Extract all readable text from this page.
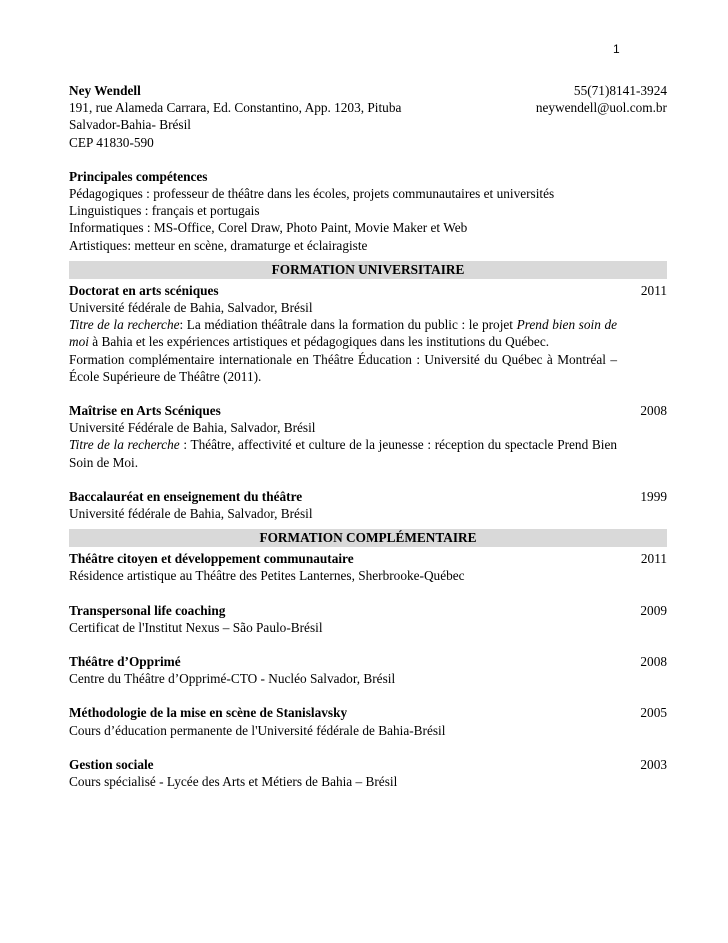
1
Ney Wendell	55(71)8141-3924
191, rue Alameda Carrara, Ed. Constantino, App. 1203, Pituba	neywendell@uol.com.br
Salvador-Bahia- Brésil
CEP 41830-590
Principales compétences
Pédagogiques : professeur de théâtre dans les écoles, projets communautaires et universités
Linguistiques : français et portugais
Informatiques : MS-Office, Corel Draw, Photo Paint, Movie Maker et Web
Artistiques: metteur en scène, dramaturge et éclairagiste
FORMATION UNIVERSITAIRE
2011
Doctorat en arts scéniques
Université fédérale de Bahia, Salvador, Brésil
Titre de la recherche: La médiation théâtrale dans la formation du public : le projet Prend bien soin de moi à Bahia et les expériences artistiques et pédagogiques dans les institutions du Québec.
Formation complémentaire internationale en Théâtre Éducation : Université du Québec à Montréal – École Supérieure de Théâtre (2011).
2008
Maîtrise en Arts Scéniques
Université Fédérale de Bahia, Salvador, Brésil
Titre de la recherche : Théâtre, affectivité et culture de la jeunesse : réception du spectacle Prend Bien Soin de Moi.
1999
Baccalauréat en enseignement du théâtre
Université fédérale de Bahia, Salvador, Brésil
FORMATION COMPLÉMENTAIRE
2011
Théâtre citoyen et développement communautaire
Résidence artistique au Théâtre des Petites Lanternes, Sherbrooke-Québec
2009
Transpersonal life coaching
Certificat de l'Institut Nexus – São Paulo-Brésil
2008
Théâtre d’Opprimé
Centre du Théâtre d’Opprimé-CTO - Nucléo Salvador, Brésil
2005
Méthodologie de la mise en scène de Stanislavsky
Cours d’éducation permanente de l'Université fédérale de Bahia-Brésil
2003
Gestion sociale
Cours spécialisé - Lycée des Arts et Métiers de Bahia – Brésil
